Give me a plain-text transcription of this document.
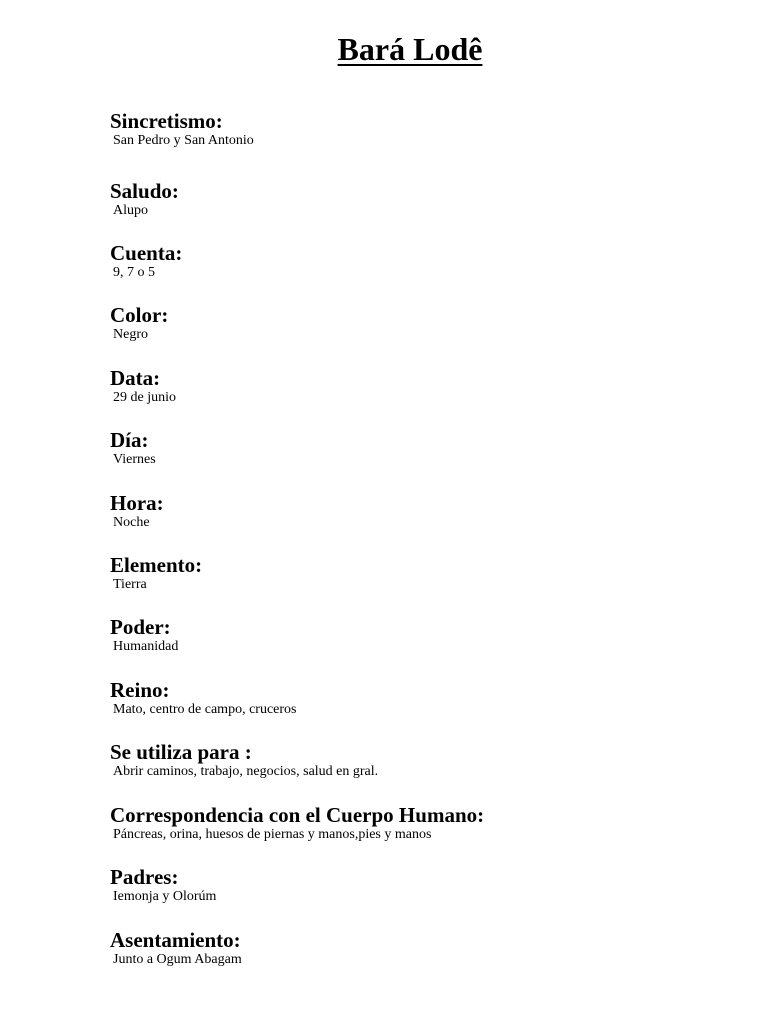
Bará Lodê

Sincretismo:

San Pedro y San Antonio

Saludo:

Alupo

Cuenta:

9, 7 o 5

Color:

Negro

Data:

29 de junio

Día:

Viernes

Hora:

Noche

Elemento:

Tierra

Poder:

Humanidad

Reino:

Mato, centro de campo, cruceros

Se utiliza para :

Abrir caminos, trabajo, negocios, salud en gral.

Correspondencia con el Cuerpo Humano:

Páncreas, orina, huesos de piernas y manos,pies y manos

Padres:

Iemonja y Olorúm

Asentamiento:

Junto a Ogum Abagam
